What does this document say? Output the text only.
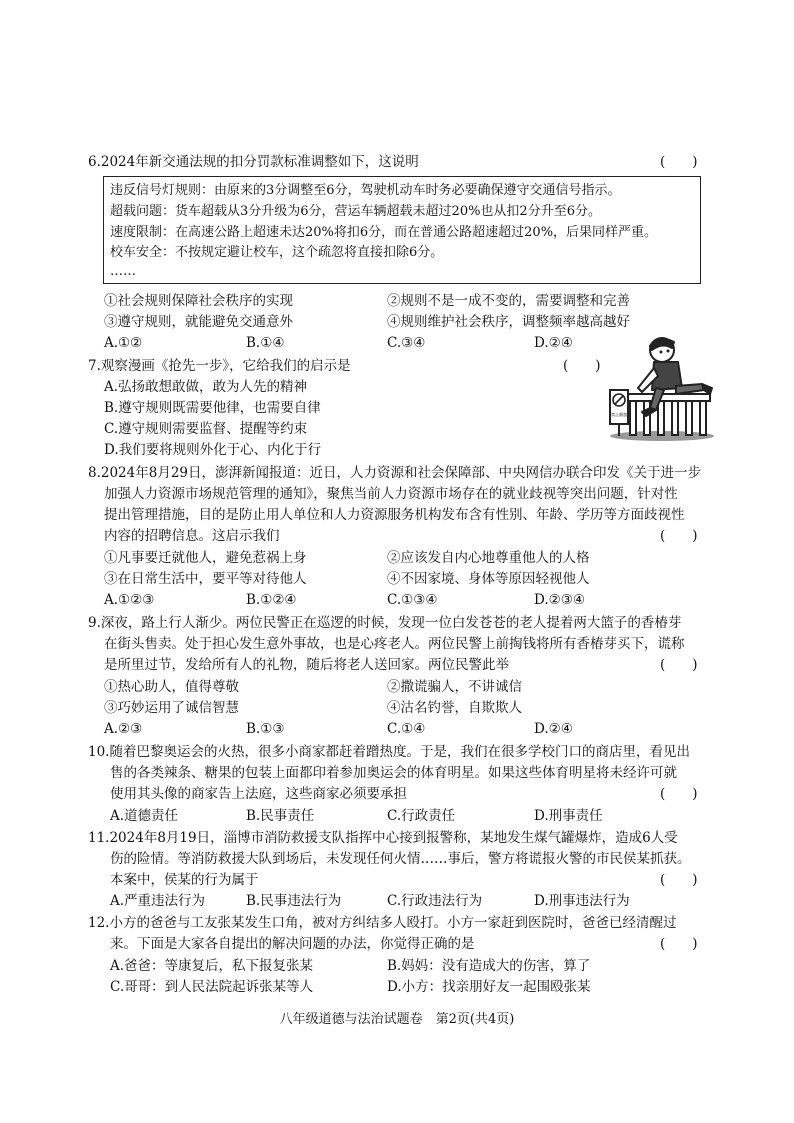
6.2024年新交通法规的扣分罚款标准调整如下，这说明	(　　)
违反信号灯规则：由原来的3分调整至6分，驾驶机动车时务必要确保遵守交通信号指示。
超载问题：货车超载从3分升级为6分，营运车辆超载未超过20%也从扣2分升至6分。
速度限制：在高速公路上超速未达20%将扣6分，而在普通公路超速超过20%，后果同样严重。
校车安全：不按规定避让校车，这个疏忽将直接扣除6分。
……
①社会规则保障社会秩序的实现	②规则不是一成不变的，需要调整和完善
③遵守规则，就能避免交通意外	④规则维护社会秩序，调整频率越高越好
A.①②	B.①④	C.③④	D.②④
7.观察漫画《抢先一步》，它给我们的启示是	(　　)
A.弘扬敢想敢做，敢为人先的精神
B.遵守规则既需要他律，也需要自律
C.遵守规则需要监督、提醒等约束
D.我们要将规则外化于心、内化于行
禁止翻越
8.2024年8月29日，澎湃新闻报道：近日，人力资源和社会保障部、中央网信办联合印发《关于进一步
加强人力资源市场规范管理的通知》，聚焦当前人力资源市场存在的就业歧视等突出问题，针对性
提出管理措施，目的是防止用人单位和人力资源服务机构发布含有性别、年龄、学历等方面歧视性
内容的招聘信息。这启示我们	(　　)
①凡事要迁就他人，避免惹祸上身	②应该发自内心地尊重他人的人格
③在日常生活中，要平等对待他人	④不因家境、身体等原因轻视他人
A.①②③	B.①②④	C.①③④	D.②③④
9.深夜，路上行人渐少。两位民警正在巡逻的时候，发现一位白发苍苍的老人提着两大篮子的香椿芽
在街头售卖。处于担心发生意外事故，也是心疼老人。两位民警上前掏钱将所有香椿芽买下，谎称
是所里过节，发给所有人的礼物，随后将老人送回家。两位民警此举	(　　)
①热心助人，值得尊敬	②撒谎骗人，不讲诚信
③巧妙运用了诚信智慧	④沽名钓誉，自欺欺人
A.②③	B.①③	C.①④	D.②④
10.随着巴黎奥运会的火热，很多小商家都赶着蹭热度。于是，我们在很多学校门口的商店里，看见出
售的各类辣条、糖果的包装上面都印着参加奥运会的体育明星。如果这些体育明星将未经许可就
使用其头像的商家告上法庭，这些商家必须要承担	(　　)
A.道德责任	B.民事责任	C.行政责任	D.刑事责任
11.2024年8月19日，淄博市消防救援支队指挥中心接到报警称，某地发生煤气罐爆炸，造成6人受
伤的险情。等消防救援大队到场后，未发现任何火情……事后，警方将谎报火警的市民侯某抓获。
本案中，侯某的行为属于	(　　)
A.严重违法行为	B.民事违法行为	C.行政违法行为	D.刑事违法行为
12.小方的爸爸与工友张某发生口角，被对方纠结多人殴打。小方一家赶到医院时，爸爸已经清醒过
来。下面是大家各自提出的解决问题的办法，你觉得正确的是	(　　)
A.爸爸：等康复后，私下报复张某	B.妈妈：没有造成大的伤害，算了
C.哥哥：到人民法院起诉张某等人	D.小方：找亲朋好友一起围殴张某
八年级道德与法治试题卷　第2页(共4页)
